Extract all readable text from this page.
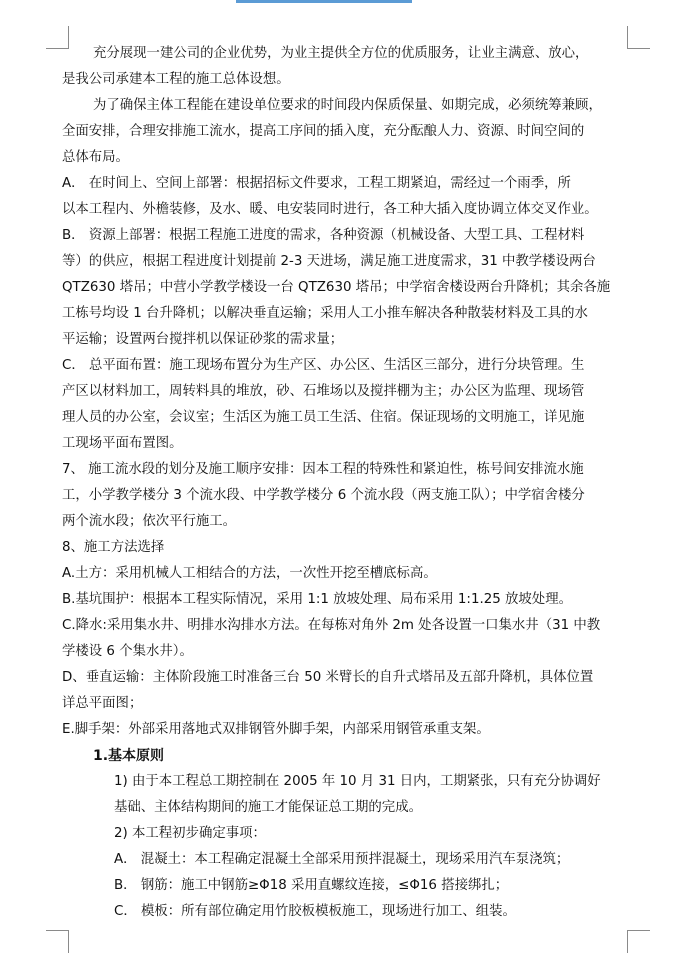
充分展现一建公司的企业优势，为业主提供全方位的优质服务，让业主满意、放心，
是我公司承建本工程的施工总体设想。
为了确保主体工程能在建设单位要求的时间段内保质保量、如期完成，必须统筹兼顾，
全面安排，合理安排施工流水，提高工序间的插入度，充分酝酿人力、资源、时间空间的
总体布局。
A． 在时间上、空间上部署：根据招标文件要求，工程工期紧迫，需经过一个雨季，所
以本工程内、外檐装修，及水、暖、电安装同时进行，各工种大插入度协调立体交叉作业。
B． 资源上部署：根据工程施工进度的需求，各种资源（机械设备、大型工具、工程材料
等）的供应，根据工程进度计划提前 2-3 天进场，满足施工进度需求，31 中教学楼设两台
QTZ630 塔吊；中营小学教学楼设一台 QTZ630 塔吊；中学宿舍楼设两台升降机；其余各施
工栋号均设 1 台升降机；以解决垂直运输；采用人工小推车解决各种散装材料及工具的水
平运输；设置两台搅拌机以保证砂浆的需求量；
C． 总平面布置：施工现场布置分为生产区、办公区、生活区三部分，进行分块管理。生
产区以材料加工，周转料具的堆放，砂、石堆场以及搅拌棚为主；办公区为监理、现场管
理人员的办公室，会议室；生活区为施工员工生活、住宿。保证现场的文明施工，详见施
工现场平面布置图。
7、 施工流水段的划分及施工顺序安排：因本工程的特殊性和紧迫性，栋号间安排流水施
工，小学教学楼分 3 个流水段、中学教学楼分 6 个流水段（两支施工队）；中学宿舍楼分
两个流水段；依次平行施工。
8、施工方法选择
A.土方：采用机械人工相结合的方法，一次性开挖至槽底标高。
B.基坑围护：根据本工程实际情况，采用 1:1 放坡处理、局布采用 1:1.25 放坡处理。
C.降水:采用集水井、明排水沟排水方法。在每栋对角外 2m 处各设置一口集水井（31 中教
学楼设 6 个集水井）。
D、垂直运输：主体阶段施工时准备三台 50 米臂长的自升式塔吊及五部升降机，具体位置
详总平面图；
E.脚手架：外部采用落地式双排钢管外脚手架，内部采用钢管承重支架。
1.基本原则
1) 由于本工程总工期控制在 2005 年 10 月 31 日内，工期紧张，只有充分协调好
基础、主体结构期间的施工才能保证总工期的完成。
2) 本工程初步确定事项：
A． 混凝土：本工程确定混凝土全部采用预拌混凝土，现场采用汽车泵浇筑；
B． 钢筋：施工中钢筋≥Φ18 采用直螺纹连接，≤Φ16 搭接绑扎；
C． 模板：所有部位确定用竹胶板模板施工，现场进行加工、组装。
